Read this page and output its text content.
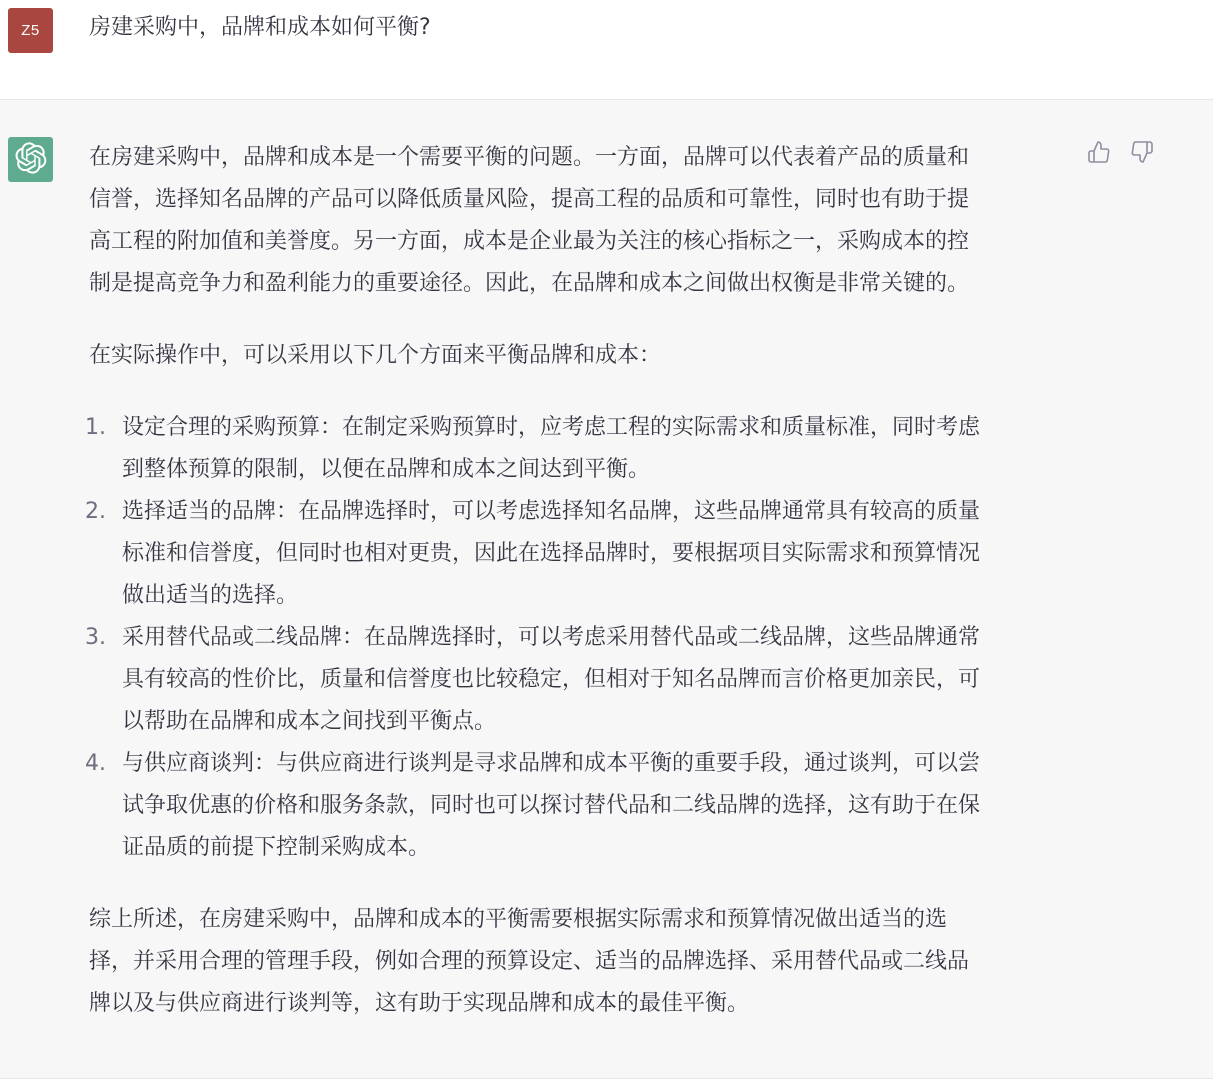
Z5 房建采购中，品牌和成本如何平衡?
在房建采购中，品牌和成本是一个需要平衡的问题。一方面，品牌可以代表着产品的质量和
信誉，选择知名品牌的产品可以降低质量风险，提高工程的品质和可靠性，同时也有助于提
高工程的附加值和美誉度。另一方面，成本是企业最为关注的核心指标之一，采购成本的控
制是提高竞争力和盈利能力的重要途径。因此，在品牌和成本之间做出权衡是非常关键的。
在实际操作中，可以采用以下几个方面来平衡品牌和成本：
1. 设定合理的采购预算：在制定采购预算时，应考虑工程的实际需求和质量标准，同时考虑
到整体预算的限制，以便在品牌和成本之间达到平衡。
2. 选择适当的品牌：在品牌选择时，可以考虑选择知名品牌，这些品牌通常具有较高的质量
标准和信誉度，但同时也相对更贵，因此在选择品牌时，要根据项目实际需求和预算情况
做出适当的选择。
3. 采用替代品或二线品牌：在品牌选择时，可以考虑采用替代品或二线品牌，这些品牌通常
具有较高的性价比，质量和信誉度也比较稳定，但相对于知名品牌而言价格更加亲民，可
以帮助在品牌和成本之间找到平衡点。
4. 与供应商谈判：与供应商进行谈判是寻求品牌和成本平衡的重要手段，通过谈判，可以尝
试争取优惠的价格和服务条款，同时也可以探讨替代品和二线品牌的选择，这有助于在保
证品质的前提下控制采购成本。
综上所述，在房建采购中，品牌和成本的平衡需要根据实际需求和预算情况做出适当的选
择，并采用合理的管理手段，例如合理的预算设定、适当的品牌选择、采用替代品或二线品
牌以及与供应商进行谈判等，这有助于实现品牌和成本的最佳平衡。
